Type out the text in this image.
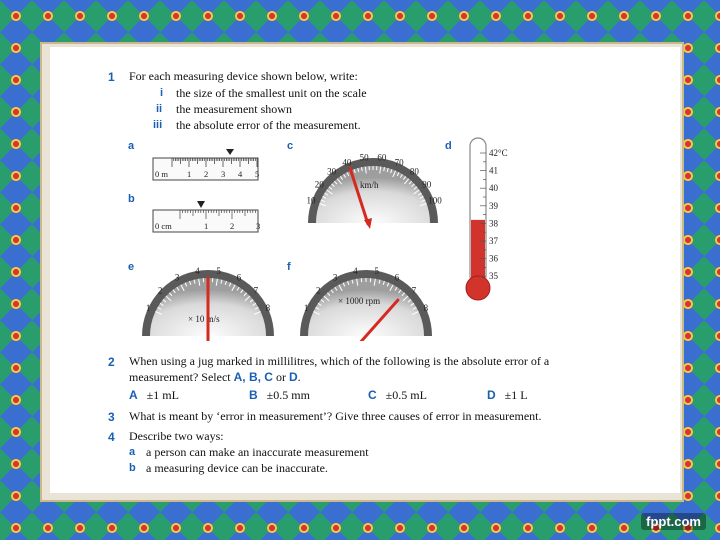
1 For each measuring device shown below, write:
i the size of the smallest unit on the scale
ii the measurement shown
iii the absolute error of the measurement.
a
b
c	d
e	f
0 m 1 2 3 4 5
0 cm	1	2	3
10
20
30
40 50 60 70
80
90
100
km/h
42°C
41
40
39
38
37
36
35
1
2
3
4 5
6
7
8
× 10 m/s
1
2
3
4 5
6
7
8
× 1000 rpm
2 When using a jug marked in millilitres, which of the following is the absolute error of a
measurement? Select A, B, C or D.
A ±1 mL	B ±0.5 mm	C ±0.5 mL	D ±1 L
3 What is meant by ‘error in measurement’? Give three causes of error in measurement.
4 Describe two ways:
a a person can make an inaccurate measurement
b a measuring device can be inaccurate.
fppt.com
